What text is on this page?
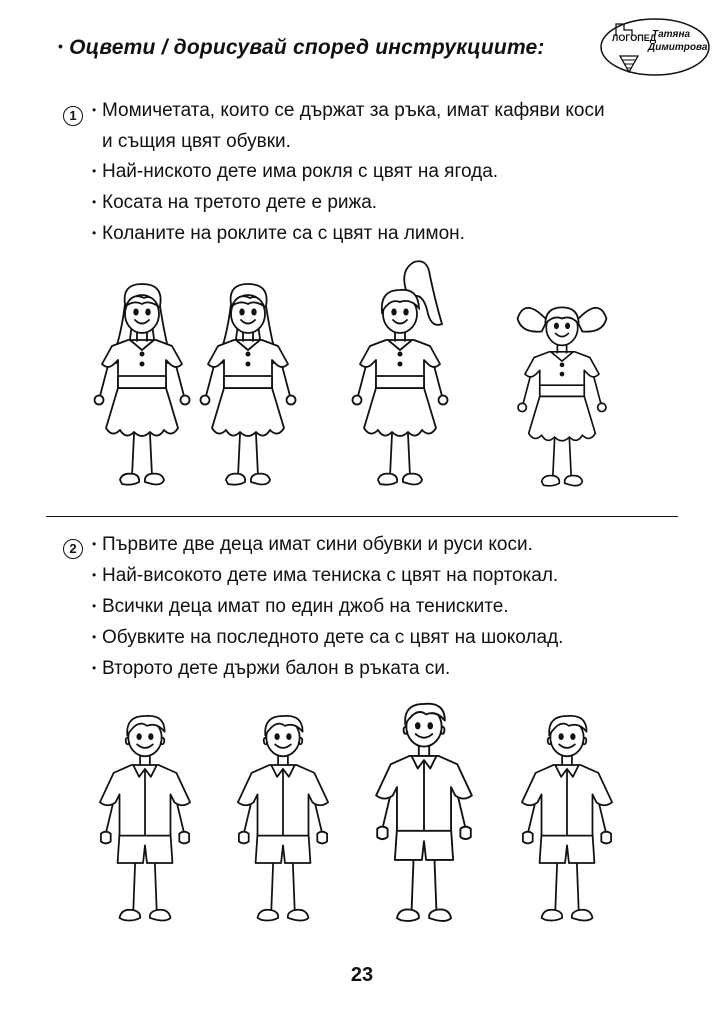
• Оцвети / дорисувай според инструкциите:	ЛОГОПЕД
Татяна
Димитрова
1	• Момичетата, които се държат за ръка, имат кафяви коси
и същия цвят обувки.
• Най-ниското дете има рокля с цвят на ягода.
• Косата на третото дете е рижа.
• Коланите на роклите са с цвят на лимон.
2	• Първите две деца имат сини обувки и руси коси.
• Най-високото дете има тениска с цвят на портокал.
• Всички деца имат по един джоб на тениските.
• Обувките на последното дете са с цвят на шоколад.
• Второто дете държи балон в ръката си.
23
